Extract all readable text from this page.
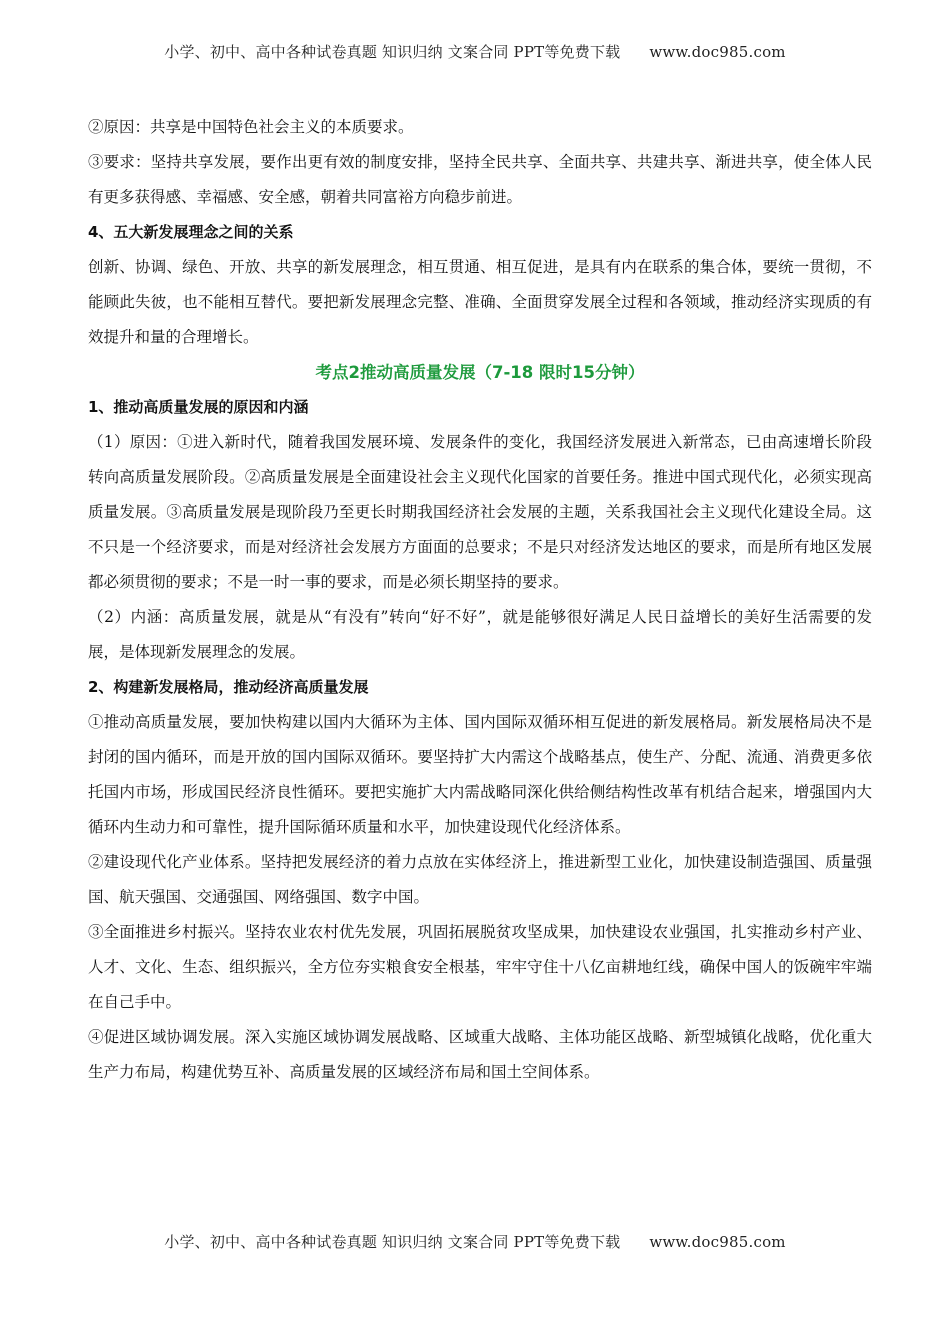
小学、初中、高中各种试卷真题 知识归纳 文案合同 PPT等免费下载 www.doc985.com

②原因：共享是中国特色社会主义的本质要求。

③要求：坚持共享发展，要作出更有效的制度安排，坚持全民共享、全面共享、共建共享、渐进共享，使全体人民有更多获得感、幸福感、安全感，朝着共同富裕方向稳步前进。

4、五大新发展理念之间的关系

创新、协调、绿色、开放、共享的新发展理念，相互贯通、相互促进，是具有内在联系的集合体，要统一贯彻，不能顾此失彼，也不能相互替代。要把新发展理念完整、准确、全面贯穿发展全过程和各领域，推动经济实现质的有效提升和量的合理增长。

考点2推动高质量发展（7-18 限时15分钟）

1、推动高质量发展的原因和内涵

（1）原因：①进入新时代，随着我国发展环境、发展条件的变化，我国经济发展进入新常态，已由高速增长阶段转向高质量发展阶段。②高质量发展是全面建设社会主义现代化国家的首要任务。推进中国式现代化，必须实现高质量发展。③高质量发展是现阶段乃至更长时期我国经济社会发展的主题，关系我国社会主义现代化建设全局。这不只是一个经济要求，而是对经济社会发展方方面面的总要求；不是只对经济发达地区的要求，而是所有地区发展都必须贯彻的要求；不是一时一事的要求，而是必须长期坚持的要求。

（2）内涵：高质量发展，就是从“有没有”转向“好不好”，就是能够很好满足人民日益增长的美好生活需要的发展，是体现新发展理念的发展。

2、构建新发展格局，推动经济高质量发展

①推动高质量发展，要加快构建以国内大循环为主体、国内国际双循环相互促进的新发展格局。新发展格局决不是封闭的国内循环，而是开放的国内国际双循环。要坚持扩大内需这个战略基点，使生产、分配、流通、消费更多依托国内市场，形成国民经济良性循环。要把实施扩大内需战略同深化供给侧结构性改革有机结合起来，增强国内大循环内生动力和可靠性，提升国际循环质量和水平，加快建设现代化经济体系。

②建设现代化产业体系。坚持把发展经济的着力点放在实体经济上，推进新型工业化，加快建设制造强国、质量强国、航天强国、交通强国、网络强国、数字中国。

③全面推进乡村振兴。坚持农业农村优先发展，巩固拓展脱贫攻坚成果，加快建设农业强国，扎实推动乡村产业、人才、文化、生态、组织振兴，全方位夯实粮食安全根基，牢牢守住十八亿亩耕地红线，确保中国人的饭碗牢牢端在自己手中。

④促进区域协调发展。深入实施区域协调发展战略、区域重大战略、主体功能区战略、新型城镇化战略，优化重大生产力布局，构建优势互补、高质量发展的区域经济布局和国土空间体系。

小学、初中、高中各种试卷真题 知识归纳 文案合同 PPT等免费下载 www.doc985.com
